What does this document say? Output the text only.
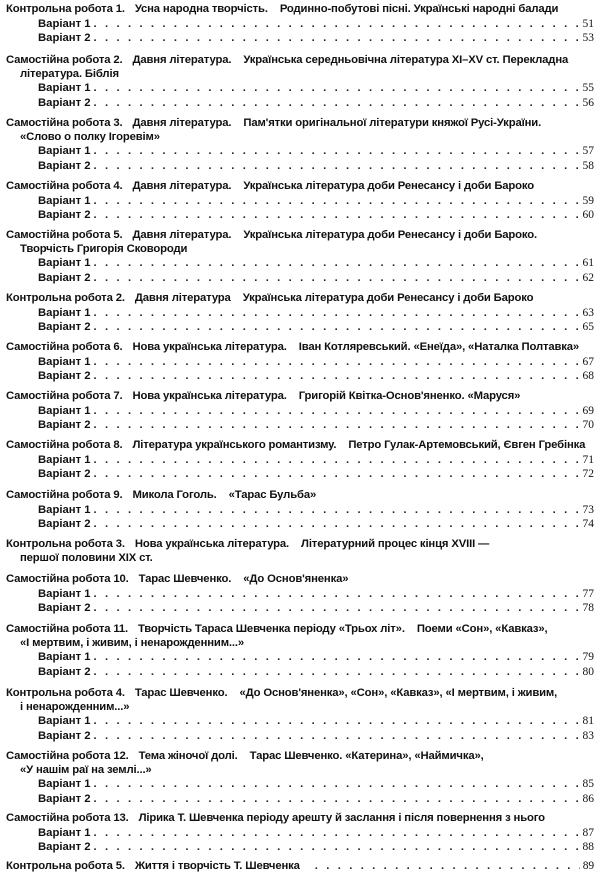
Контрольна робота 1. Усна народна творчість. Родинно-побутові пісні. Українські народні балади
Варіант 1 . . .	51
Варіант 2 . . .	53
Самостійна робота 2. Давня література. Українська середньовічна література XI–XV ст. Перекладна
література. Біблія
Варіант 1 . . .	55
Варіант 2 . . .	56
Самостійна робота 3. Давня література. Пам'ятки оригінальної літератури княжої Русі-України.
«Слово о полку Ігоревім»
Варіант 1 . . .	57
Варіант 2 . . .	58
Самостійна робота 4. Давня література. Українська література доби Ренесансу і доби Бароко
Варіант 1 . . .	59
Варіант 2 . . .	60
Самостійна робота 5. Давня література. Українська література доби Ренесансу і доби Бароко.
Творчість Григорія Сковороди
Варіант 1 . . .	61
Варіант 2 . . .	62
Контрольна робота 2. Давня література Українська література доби Ренесансу і доби Бароко
Варіант 1 . . .	63
Варіант 2 . . .	65
Самостійна робота 6. Нова українська література. Іван Котляревський. «Енеїда», «Наталка Полтавка»
Варіант 1 . . .	67
Варіант 2 . . .	68
Самостійна робота 7. Нова українська література. Григорій Квітка-Основ'яненко. «Маруся»
Варіант 1 . . .	69
Варіант 2 . . .	70
Самостійна робота 8. Література українського романтизму. Петро Гулак-Артемовський, Євген Гребінка
Варіант 1 . . .	71
Варіант 2 . . .	72
Самостійна робота 9. Микола Гоголь. «Тарас Бульба»
Варіант 1 . . .	73
Варіант 2 . . .	74
Контрольна робота 3. Нова українська література. Літературний процес кінця XVIII —
першої половини XIX ст.
Самостійна робота 10. Тарас Шевченко. «До Основ'яненка»
Варіант 1 . . .	77
Варіант 2 . . .	78
Самостійна робота 11. Творчість Тараса Шевченка періоду «Трьох літ». Поеми «Сон», «Кавказ»,
«І мертвим, і живим, і ненарожденним...»
Варіант 1 . . .	79
Варіант 2 . . .	80
Контрольна робота 4. Тарас Шевченко. «До Основ'яненка», «Сон», «Кавказ», «І мертвим, і живим,
і ненарожденним...»
Варіант 1 . . .	81
Варіант 2 . . .	83
Самостійна робота 12. Тема жіночої долі. Тарас Шевченко. «Катерина», «Наймичка»,
«У нашім раї на землі...»
Варіант 1 . . .	85
Варіант 2 . . .	86
Самостійна робота 13. Лірика Т. Шевченка періоду арешту й заслання і після повернення з нього
Варіант 1 . . .	87
Варіант 2 . . .	88
Контрольна робота 5. Життя і творчість Т. Шевченка . . .	89
